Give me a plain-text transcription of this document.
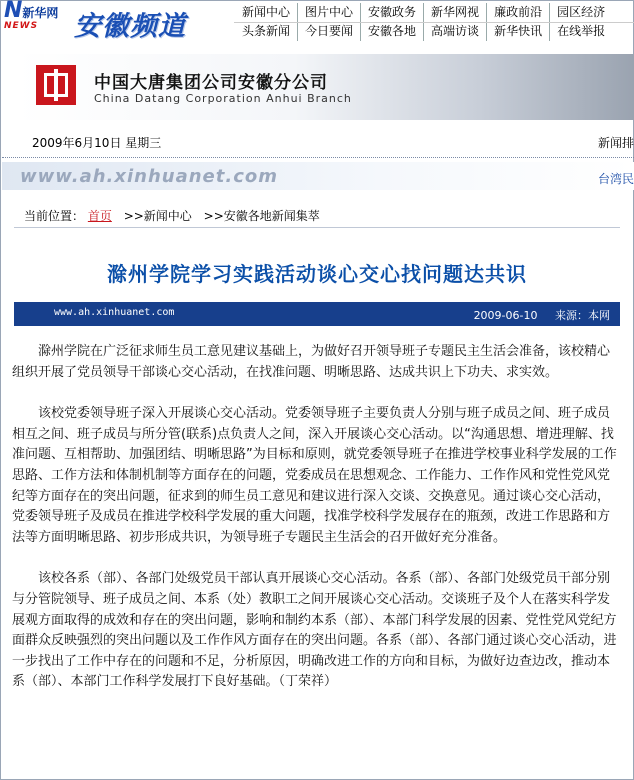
N新华网
NEWS	安徽频道	新闻中心 图片中心 安徽政务 新华网视 廉政前沿 园区经济
头条新闻 今日要闻 安徽各地 高端访谈 新华快讯 在线举报
中国大唐集团公司安徽分公司
China Datang Corporation Anhui Branch
2009年6月10日 星期三	新闻排
www.ah.xinhuanet.com	台湾民
当前位置： 首页 >>新闻中心 >>安徽各地新闻集萃
滁州学院学习实践活动谈心交心找问题达共识
www.ah.xinhuanet.com	2009-06-10 来源：本网

滁州学院在广泛征求师生员工意见建议基础上，为做好召开领导班子专题民主生活会准备，该校精心组织开展了党员领导干部谈心交心活动，在找准问题、明晰思路、达成共识上下功夫、求实效。

该校党委领导班子深入开展谈心交心活动。党委领导班子主要负责人分别与班子成员之间、班子成员相互之间、班子成员与所分管(联系)点负责人之间，深入开展谈心交心活动。以“沟通思想、增进理解、找准问题、互相帮助、加强团结、明晰思路”为目标和原则，就党委领导班子在推进学校事业科学发展的工作思路、工作方法和体制机制等方面存在的问题，党委成员在思想观念、工作能力、工作作风和党性党风党纪等方面存在的突出问题，征求到的师生员工意见和建议进行深入交谈、交换意见。通过谈心交心活动，党委领导班子及成员在推进学校科学发展的重大问题，找准学校科学发展存在的瓶颈，改进工作思路和方法等方面明晰思路、初步形成共识，为领导班子专题民主生活会的召开做好充分准备。

该校各系（部）、各部门处级党员干部认真开展谈心交心活动。各系（部）、各部门处级党员干部分别与分管院领导、班子成员之间、本系（处）教职工之间开展谈心交心活动。交谈班子及个人在落实科学发展观方面取得的成效和存在的突出问题，影响和制约本系（部）、本部门科学发展的因素、党性党风党纪方面群众反映强烈的突出问题以及工作作风方面存在的突出问题。各系（部）、各部门通过谈心交心活动，进一步找出了工作中存在的问题和不足，分析原因，明确改进工作的方向和目标，为做好边查边改，推动本系（部）、本部门工作科学发展打下良好基础。（丁荣祥）
